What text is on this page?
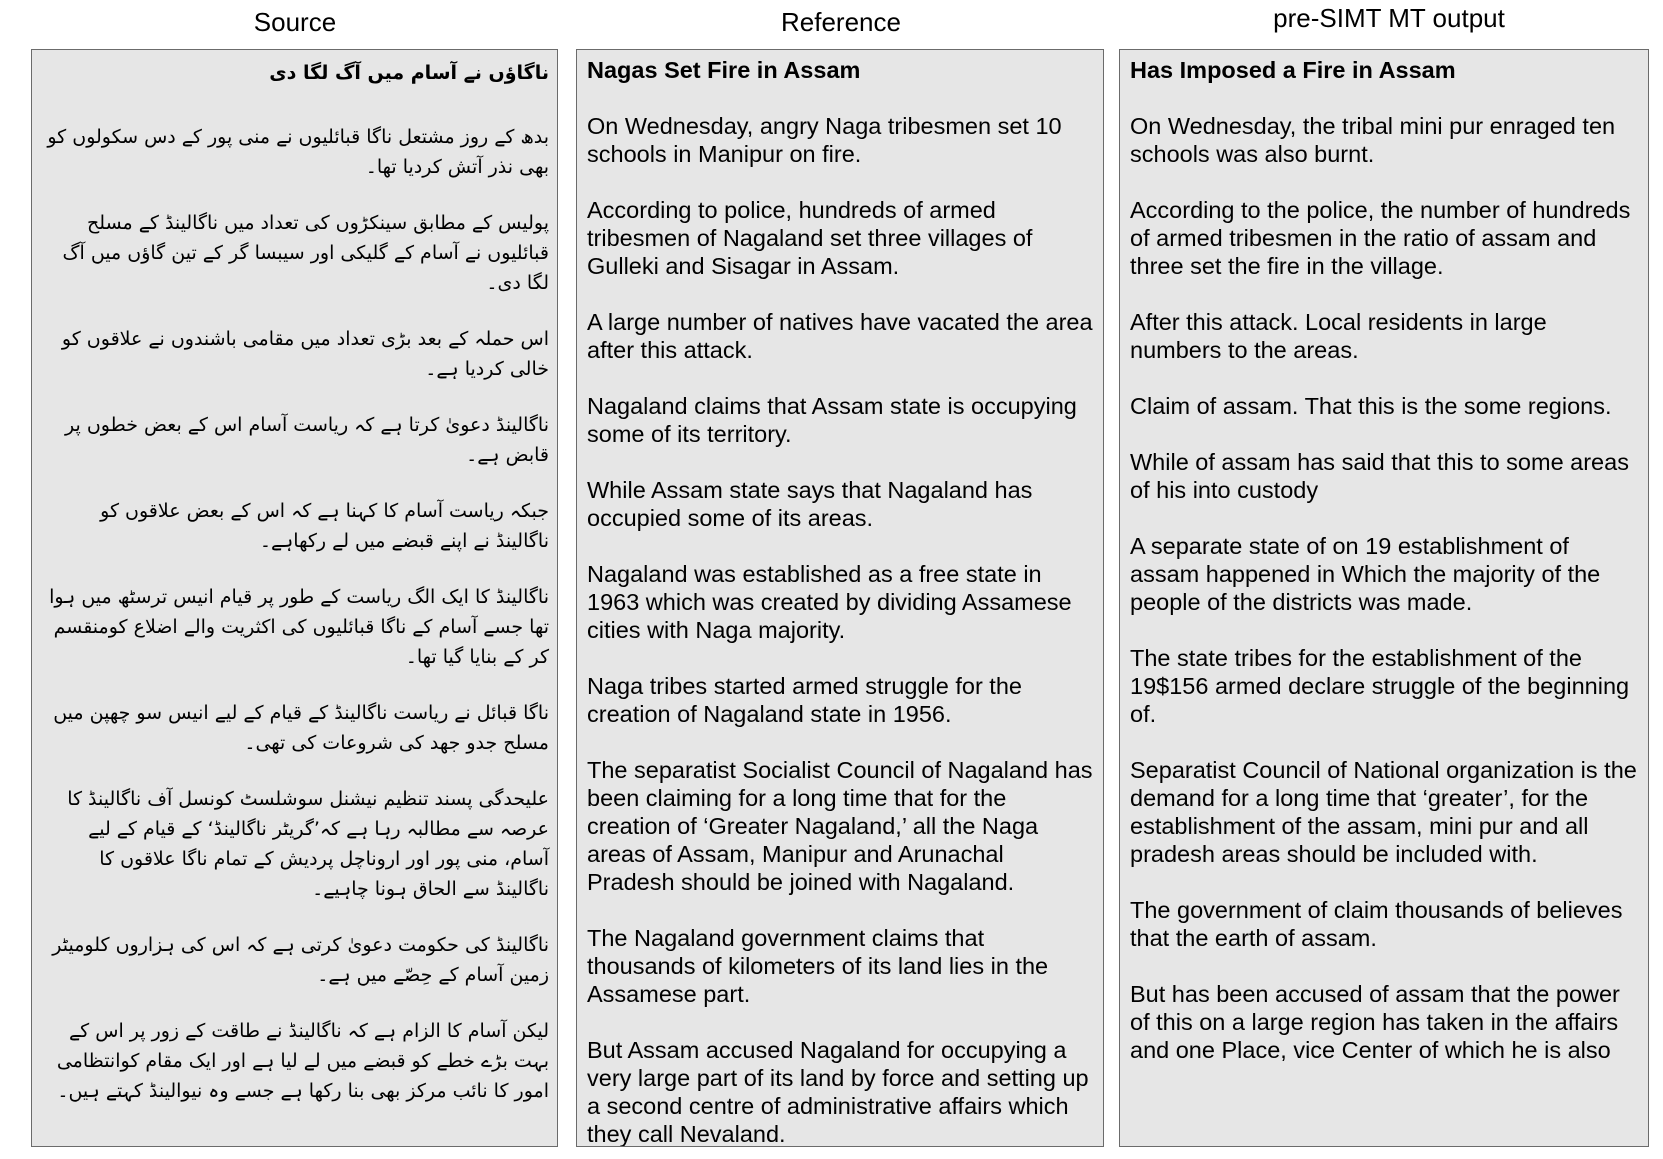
Source	Reference	pre-SIMT MT output

ناگاؤں نے آسام میں آگ لگا دی

بدھ کے روز مشتعل ناگا قبائلیوں نے منی پور کے دس سکولوں کو بھی نذر آتش کردیا تھا۔

پولیس کے مطابق سینکڑوں کی تعداد میں ناگالینڈ کے مسلح قبائلیوں نے آسام کے گلیکی اور سیبسا گر کے تین گاؤں میں آگ لگا دی۔

اس حملہ کے بعد بڑی تعداد میں مقامی باشندوں نے علاقوں کو خالی کردیا ہے۔

ناگالینڈ دعویٰ کرتا ہے کہ ریاست آسام اس کے بعض خطوں پر قابض ہے۔

جبکہ ریاست آسام کا کہنا ہے کہ اس کے بعض علاقوں کو ناگالینڈ نے اپنے قبضے میں لے رکھاہے۔

ناگالینڈ کا ایک الگ ریاست کے طور پر قیام انیس ترسٹھ میں ہوا تھا جسے آسام کے ناگا قبائلیوں کی اکثریت والے اضلاع کومنقسم کر کے بنایا گیا تھا۔

ناگا قبائل نے ریاست ناگالینڈ کے قیام کے لیے انیس سو چھپن میں مسلح جدو جھد کی شروعات کی تھی۔

علیحدگی پسند تنظیم نیشنل سوشلسٹ کونسل آف ناگالینڈ کا عرصہ سے مطالبہ رہا ہے کہ’گریٹر ناگالینڈ‘ کے قیام کے لیے آسام، منی پور اور اروناچل پردیش کے تمام ناگا علاقوں کا ناگالینڈ سے الحاق ہونا چاہیے۔

ناگالینڈ کی حکومت دعویٰ کرتی ہے کہ اس کی ہزاروں کلومیٹر زمین آسام کے حِصّے میں ہے۔

لیکن آسام کا الزام ہے کہ ناگالینڈ نے طاقت کے زور پر اس کے بہت بڑے خطے کو قبضے میں لے لیا ہے اور ایک مقام کوانتظامی امور کا نائب مرکز بھی بنا رکھا ہے جسے وہ نیوالینڈ کہتے ہیں۔

Nagas Set Fire in Assam

On Wednesday, angry Naga tribesmen set 10 schools in Manipur on fire.

According to police, hundreds of armed tribesmen of Nagaland set three villages of Gulleki and Sisagar in Assam.

A large number of natives have vacated the area after this attack.

Nagaland claims that Assam state is occupying some of its territory.

While Assam state says that Nagaland has occupied some of its areas.

Nagaland was established as a free state in 1963 which was created by dividing Assamese cities with Naga majority.

Naga tribes started armed struggle for the creation of Nagaland state in 1956.

The separatist Socialist Council of Nagaland has been claiming for a long time that for the creation of ‘Greater Nagaland,’ all the Naga areas of Assam, Manipur and Arunachal Pradesh should be joined with Nagaland.

The Nagaland government claims that thousands of kilometers of its land lies in the Assamese part.

But Assam accused Nagaland for occupying a very large part of its land by force and setting up a second centre of administrative affairs which they call Nevaland.

Has Imposed a Fire in Assam

On Wednesday, the tribal mini pur enraged ten schools was also burnt.

According to the police, the number of hundreds of armed tribesmen in the ratio of assam and three set the fire in the village.

After this attack. Local residents in large numbers to the areas.

Claim of assam. That this is the some regions.

While of assam has said that this to some areas of his into custody

A separate state of on 19 establishment of assam happened in Which the majority of the people of the districts was made.

The state tribes for the establishment of the 19$156 armed declare struggle of the beginning of.

Separatist Council of National organization is the demand for a long time that ‘greater’, for the establishment of the assam, mini pur and all pradesh areas should be included with.

The government of claim thousands of believes that the earth of assam.

But has been accused of assam that the power of this on a large region has taken in the affairs and one Place, vice Center of which he is also
